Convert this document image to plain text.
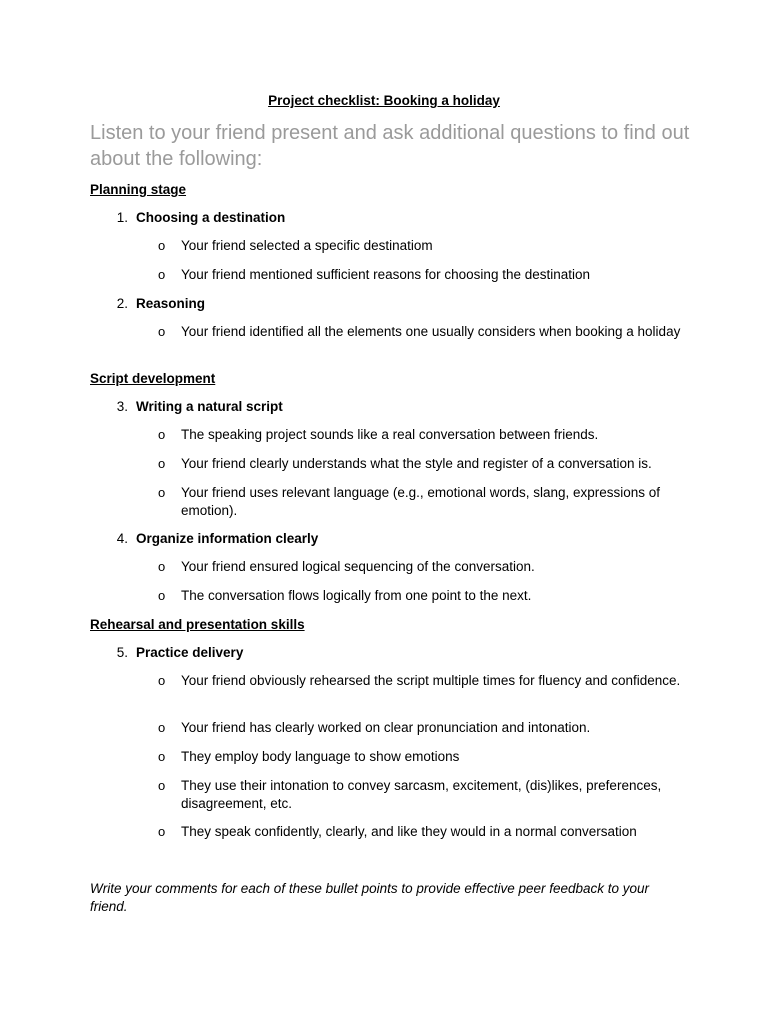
Project checklist: Booking a holiday
Listen to your friend present and ask additional questions to find out about the following:
Planning stage
1. Choosing a destination
o Your friend selected a specific destinatiom
o Your friend mentioned sufficient reasons for choosing the destination
2. Reasoning
o Your friend identified all the elements one usually considers when booking a holiday
Script development
3. Writing a natural script
o The speaking project sounds like a real conversation between friends.
o Your friend clearly understands what the style and register of a conversation is.
o Your friend uses relevant language (e.g., emotional words, slang, expressions of emotion).
4. Organize information clearly
o Your friend ensured logical sequencing of the conversation.
o The conversation flows logically from one point to the next.
Rehearsal and presentation skills
5. Practice delivery
o Your friend obviously rehearsed the script multiple times for fluency and confidence.
o Your friend has clearly worked on clear pronunciation and intonation.
o They employ body language to show emotions
o They use their intonation to convey sarcasm, excitement, (dis)likes, preferences, disagreement, etc.
o They speak confidently, clearly, and like they would in a normal conversation
Write your comments for each of these bullet points to provide effective peer feedback to your friend.
